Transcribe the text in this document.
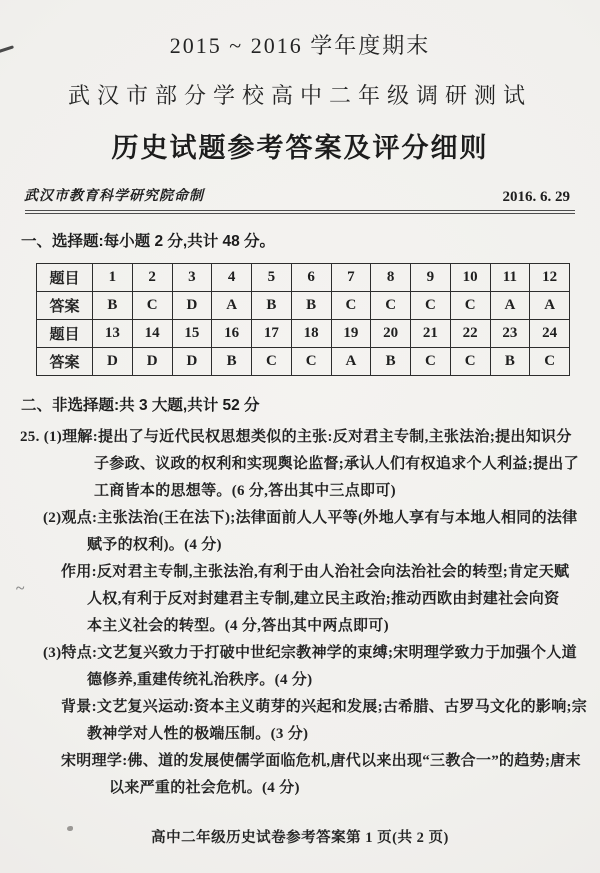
2015 ~ 2016 学年度期末
武汉市部分学校高中二年级调研测试
历史试题参考答案及评分细则
武汉市教育科学研究院命制	2016. 6. 29
一、选择题:每小题 2 分,共计 48 分。
题目	1	2	3	4	5	6	7	8	9	10	11	12
答案	B	C	D	A	B	B	C	C	C	C	A	A
题目	13	14	15	16	17	18	19	20	21	22	23	24
答案	D	D	D	B	C	C	A	B	C	C	B	C
二、非选择题:共 3 大题,共计 52 分
25. (1)理解:提出了与近代民权思想类似的主张:反对君主专制,主张法治;提出知识分
子参政、议政的权利和实现舆论监督;承认人们有权追求个人利益;提出了
工商皆本的思想等。(6 分,答出其中三点即可)
(2)观点:主张法治(王在法下);法律面前人人平等(外地人享有与本地人相同的法律
赋予的权利)。(4 分)
作用:反对君主专制,主张法治,有利于由人治社会向法治社会的转型;肯定天赋
人权,有利于反对封建君主专制,建立民主政治;推动西欧由封建社会向资
本主义社会的转型。(4 分,答出其中两点即可)
(3)特点:文艺复兴致力于打破中世纪宗教神学的束缚;宋明理学致力于加强个人道
德修养,重建传统礼治秩序。(4 分)
背景:文艺复兴运动:资本主义萌芽的兴起和发展;古希腊、古罗马文化的影响;宗
教神学对人性的极端压制。(3 分)
宋明理学:佛、道的发展使儒学面临危机,唐代以来出现“三教合一”的趋势;唐末
以来严重的社会危机。(4 分)
~
高中二年级历史试卷参考答案第 1 页(共 2 页)
